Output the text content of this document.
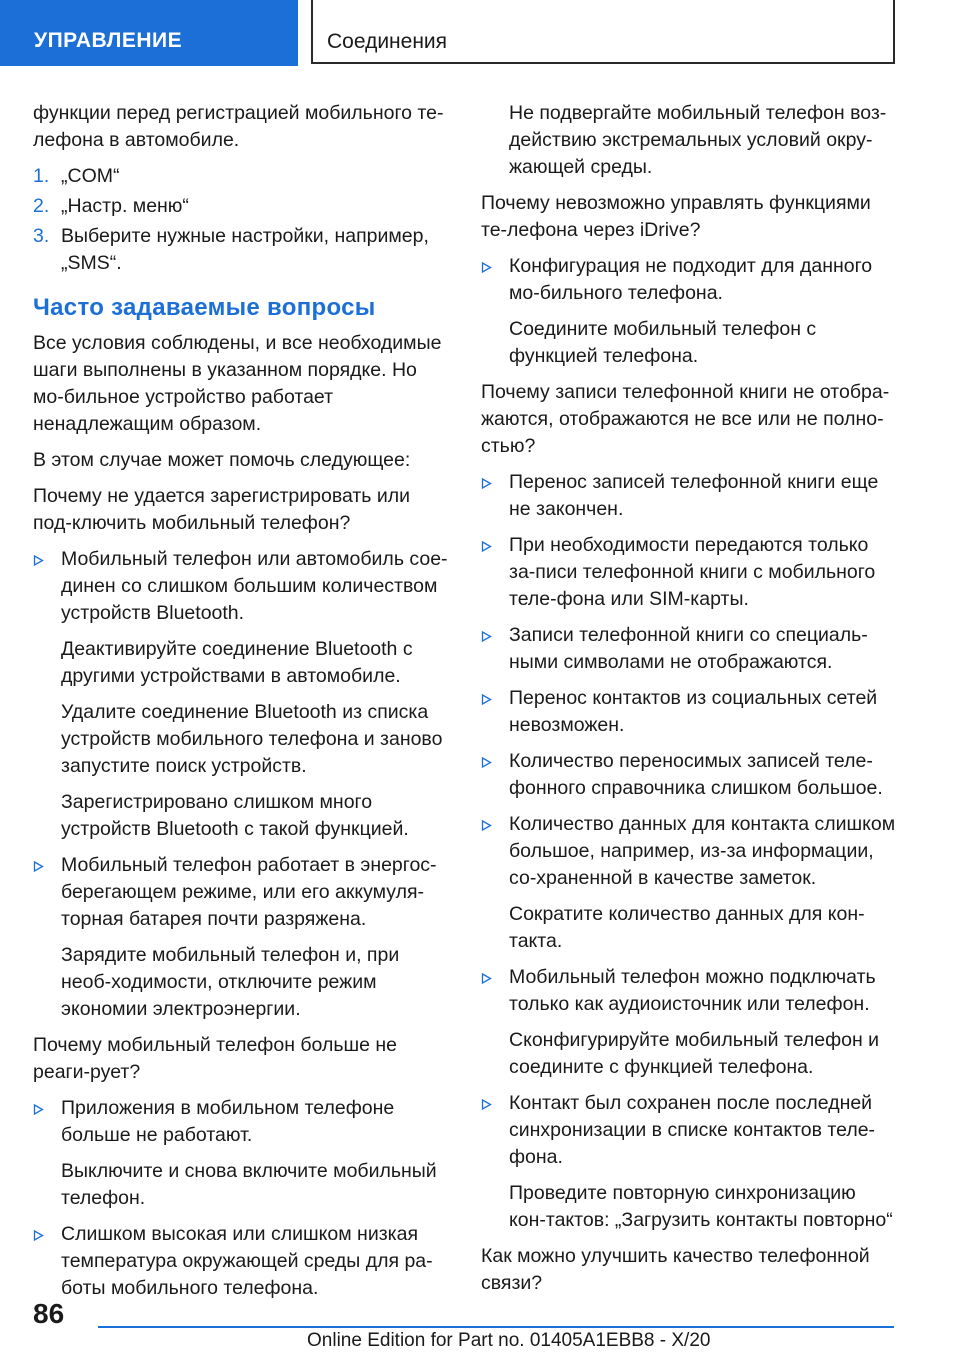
УПРАВЛЕНИЕ	Соединения

функции перед регистрацией мобильного те-лефона в автомобиле.

1. „COM“
2. „Настр. меню“
3. Выберите нужные настройки, например, „SMS“.
Часто задаваемые вопросы

Все условия соблюдены, и все необходимые шаги выполнены в указанном порядке. Но мо-бильное устройство работает ненадлежащим образом.

В этом случае может помочь следующее:

Почему не удается зарегистрировать или под-ключить мобильный телефон?

Мобильный телефон или автомобиль сое-динен со слишком большим количеством устройств Bluetooth.

Деактивируйте соединение Bluetooth с другими устройствами в автомобиле.

Удалите соединение Bluetooth из списка устройств мобильного телефона и заново запустите поиск устройств.

Зарегистрировано слишком много устройств Bluetooth с такой функцией.

Мобильный телефон работает в энергос-берегающем режиме, или его аккумуля-торная батарея почти разряжена.

Зарядите мобильный телефон и, при необ-ходимости, отключите режим экономии электроэнергии.

Почему мобильный телефон больше не реаги-рует?

Приложения в мобильном телефоне больше не работают.

Выключите и снова включите мобильный телефон.

Слишком высокая или слишком низкая температура окружающей среды для ра-боты мобильного телефона.

Не подвергайте мобильный телефон воз-действию экстремальных условий окру-жающей среды.

Почему невозможно управлять функциями те-лефона через iDrive?

Конфигурация не подходит для данного мо-бильного телефона.

Соедините мобильный телефон с функцией телефона.

Почему записи телефонной книги не отобра-жаются, отображаются не все или не полно-стью?

Перенос записей телефонной книги еще не закончен.
При необходимости передаются только за-писи телефонной книги с мобильного теле-фона или SIM-карты.
Записи телефонной книги со специаль-ными символами не отображаются.
Перенос контактов из социальных сетей невозможен.
Количество переносимых записей теле-фонного справочника слишком большое.
Количество данных для контакта слишком большое, например, из-за информации, со-храненной в качестве заметок.

Сократите количество данных для кон-такта.

Мобильный телефон можно подключать только как аудиоисточник или телефон.

Сконфигурируйте мобильный телефон и соедините с функцией телефона.

Контакт был сохранен после последней синхронизации в списке контактов теле-фона.

Проведите повторную синхронизацию кон-тактов: „Загрузить контакты повторно“

Как можно улучшить качество телефонной связи?

86
Online Edition for Part no. 01405A1EBB8 - X/20
